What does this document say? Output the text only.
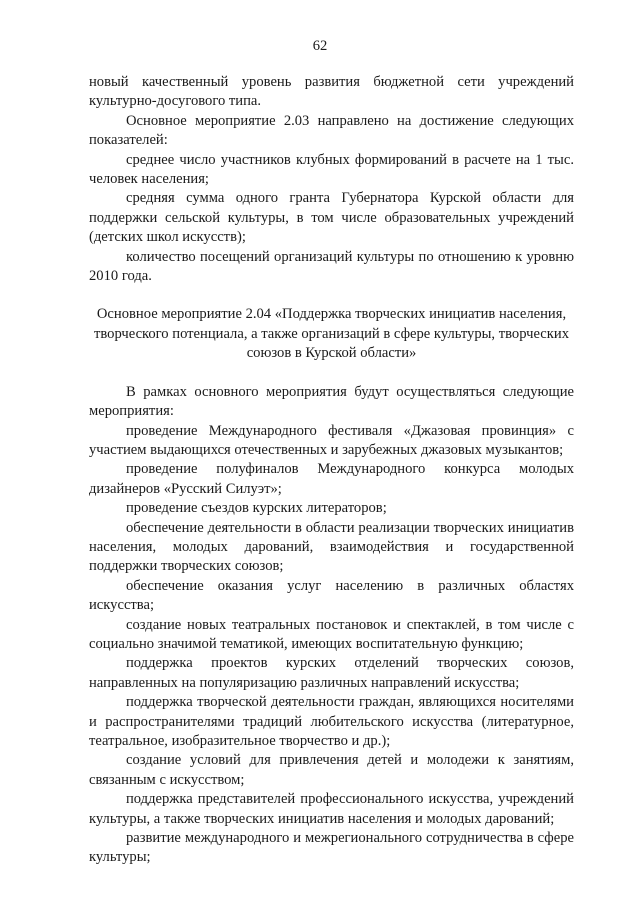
62

новый качественный уровень развития бюджетной сети учреждений культурно-досугового типа.

Основное мероприятие 2.03 направлено на достижение следующих показателей:

среднее число участников клубных формирований в расчете на 1 тыс. человек населения;

средняя сумма одного гранта Губернатора Курской области для поддержки сельской культуры, в том числе образовательных учреждений (детских школ искусств);

количество посещений организаций культуры по отношению к уровню 2010 года.

Основное мероприятие 2.04 «Поддержка творческих инициатив населения, творческого потенциала, а также организаций в сфере культуры, творческих союзов в Курской области»

В рамках основного мероприятия будут осуществляться следующие мероприятия:

проведение Международного фестиваля «Джазовая провинция» с участием выдающихся отечественных и зарубежных джазовых музыкантов;

проведение полуфиналов Международного конкурса молодых дизайнеров «Русский Силуэт»;

проведение съездов курских литераторов;

обеспечение деятельности в области реализации творческих инициатив населения, молодых дарований, взаимодействия и государственной поддержки творческих союзов;

обеспечение оказания услуг населению в различных областях искусства;

создание новых театральных постановок и спектаклей, в том числе с социально значимой тематикой, имеющих воспитательную функцию;

поддержка проектов курских отделений творческих союзов, направленных на популяризацию различных направлений искусства;

поддержка творческой деятельности граждан, являющихся носителями и распространителями традиций любительского искусства (литературное, театральное, изобразительное творчество и др.);

создание условий для привлечения детей и молодежи к занятиям, связанным с искусством;

поддержка представителей профессионального искусства, учреждений культуры, а также творческих инициатив населения и молодых дарований;

развитие международного и межрегионального сотрудничества в сфере культуры;
